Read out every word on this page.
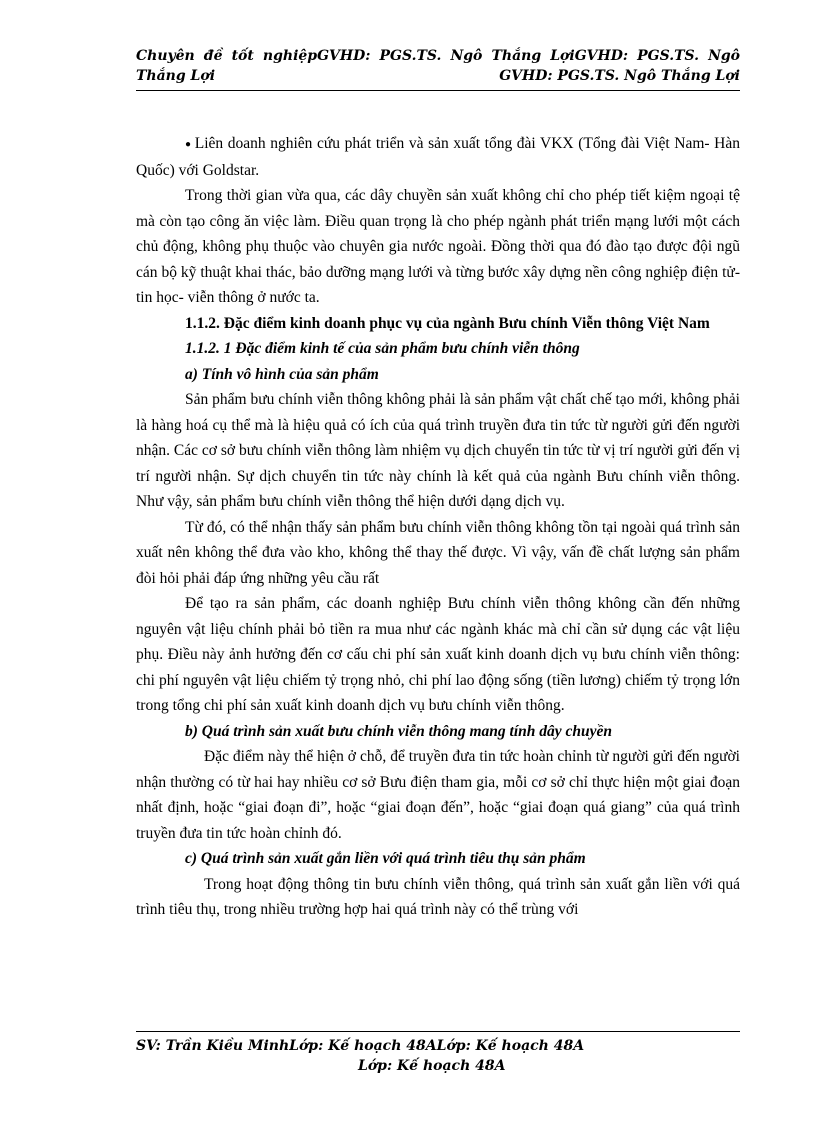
Chuyên đề tốt nghiệpGVHD: PGS.TS. Ngô Thắng LợiGVHD: PGS.TS. Ngô
Thắng Lợi	GVHD: PGS.TS. Ngô Thắng Lợi

● Liên doanh nghiên cứu phát triển và sản xuất tổng đài VKX (Tổng đài Việt Nam- Hàn Quốc) với Goldstar.

Trong thời gian vừa qua, các dây chuyền sản xuất không chỉ cho phép tiết kiệm ngoại tệ mà còn tạo công ăn việc làm. Điều quan trọng là cho phép ngành phát triển mạng lưới một cách chủ động, không phụ thuộc vào chuyên gia nước ngoài. Đồng thời qua đó đào tạo được đội ngũ cán bộ kỹ thuật khai thác, bảo dưỡng mạng lưới và từng bước xây dựng nền công nghiệp điện tử- tin học- viễn thông ở nước ta.

1.1.2. Đặc điểm kinh doanh phục vụ của ngành Bưu chính Viễn thông Việt Nam

1.1.2. 1 Đặc điểm kinh tế của sản phẩm bưu chính viễn thông

a) Tính vô hình của sản phẩm

Sản phẩm bưu chính viễn thông không phải là sản phẩm vật chất chế tạo mới, không phải là hàng hoá cụ thể mà là hiệu quả có ích của quá trình truyền đưa tin tức từ người gửi đến người nhận. Các cơ sở bưu chính viễn thông làm nhiệm vụ dịch chuyển tin tức từ vị trí người gửi đến vị trí người nhận. Sự dịch chuyển tin tức này chính là kết quả của ngành Bưu chính viễn thông. Như vậy, sản phẩm bưu chính viễn thông thể hiện dưới dạng dịch vụ.

Từ đó, có thể nhận thấy sản phẩm bưu chính viễn thông không tồn tại ngoài quá trình sản xuất nên không thể đưa vào kho, không thể thay thế được. Vì vậy, vấn đề chất lượng sản phẩm đòi hỏi phải đáp ứng những yêu cầu rất

Để tạo ra sản phẩm, các doanh nghiệp Bưu chính viễn thông không cần đến những nguyên vật liệu chính phải bỏ tiền ra mua như các ngành khác mà chỉ cần sử dụng các vật liệu phụ. Điều này ảnh hưởng đến cơ cấu chi phí sản xuất kinh doanh dịch vụ bưu chính viễn thông: chi phí nguyên vật liệu chiếm tỷ trọng nhỏ, chi phí lao động sống (tiền lương) chiếm tỷ trọng lớn trong tổng chi phí sản xuất kinh doanh dịch vụ bưu chính viễn thông.

b) Quá trình sản xuất bưu chính viễn thông mang tính dây chuyền

Đặc điểm này thể hiện ở chỗ, để truyền đưa tin tức hoàn chỉnh từ người gửi đến người nhận thường có từ hai hay nhiều cơ sở Bưu điện tham gia, mỗi cơ sở chỉ thực hiện một giai đoạn nhất định, hoặc “giai đoạn đi”, hoặc “giai đoạn đến”, hoặc “giai đoạn quá giang” của quá trình truyền đưa tin tức hoàn chỉnh đó.

c) Quá trình sản xuất gắn liền với quá trình tiêu thụ sản phẩm

Trong hoạt động thông tin bưu chính viễn thông, quá trình sản xuất gắn liền với quá trình tiêu thụ, trong nhiều trường hợp hai quá trình này có thể trùng với

SV: Trần Kiều MinhLớp: Kế hoạch 48ALớp: Kế hoạch 48A
Lớp: Kế hoạch 48A
